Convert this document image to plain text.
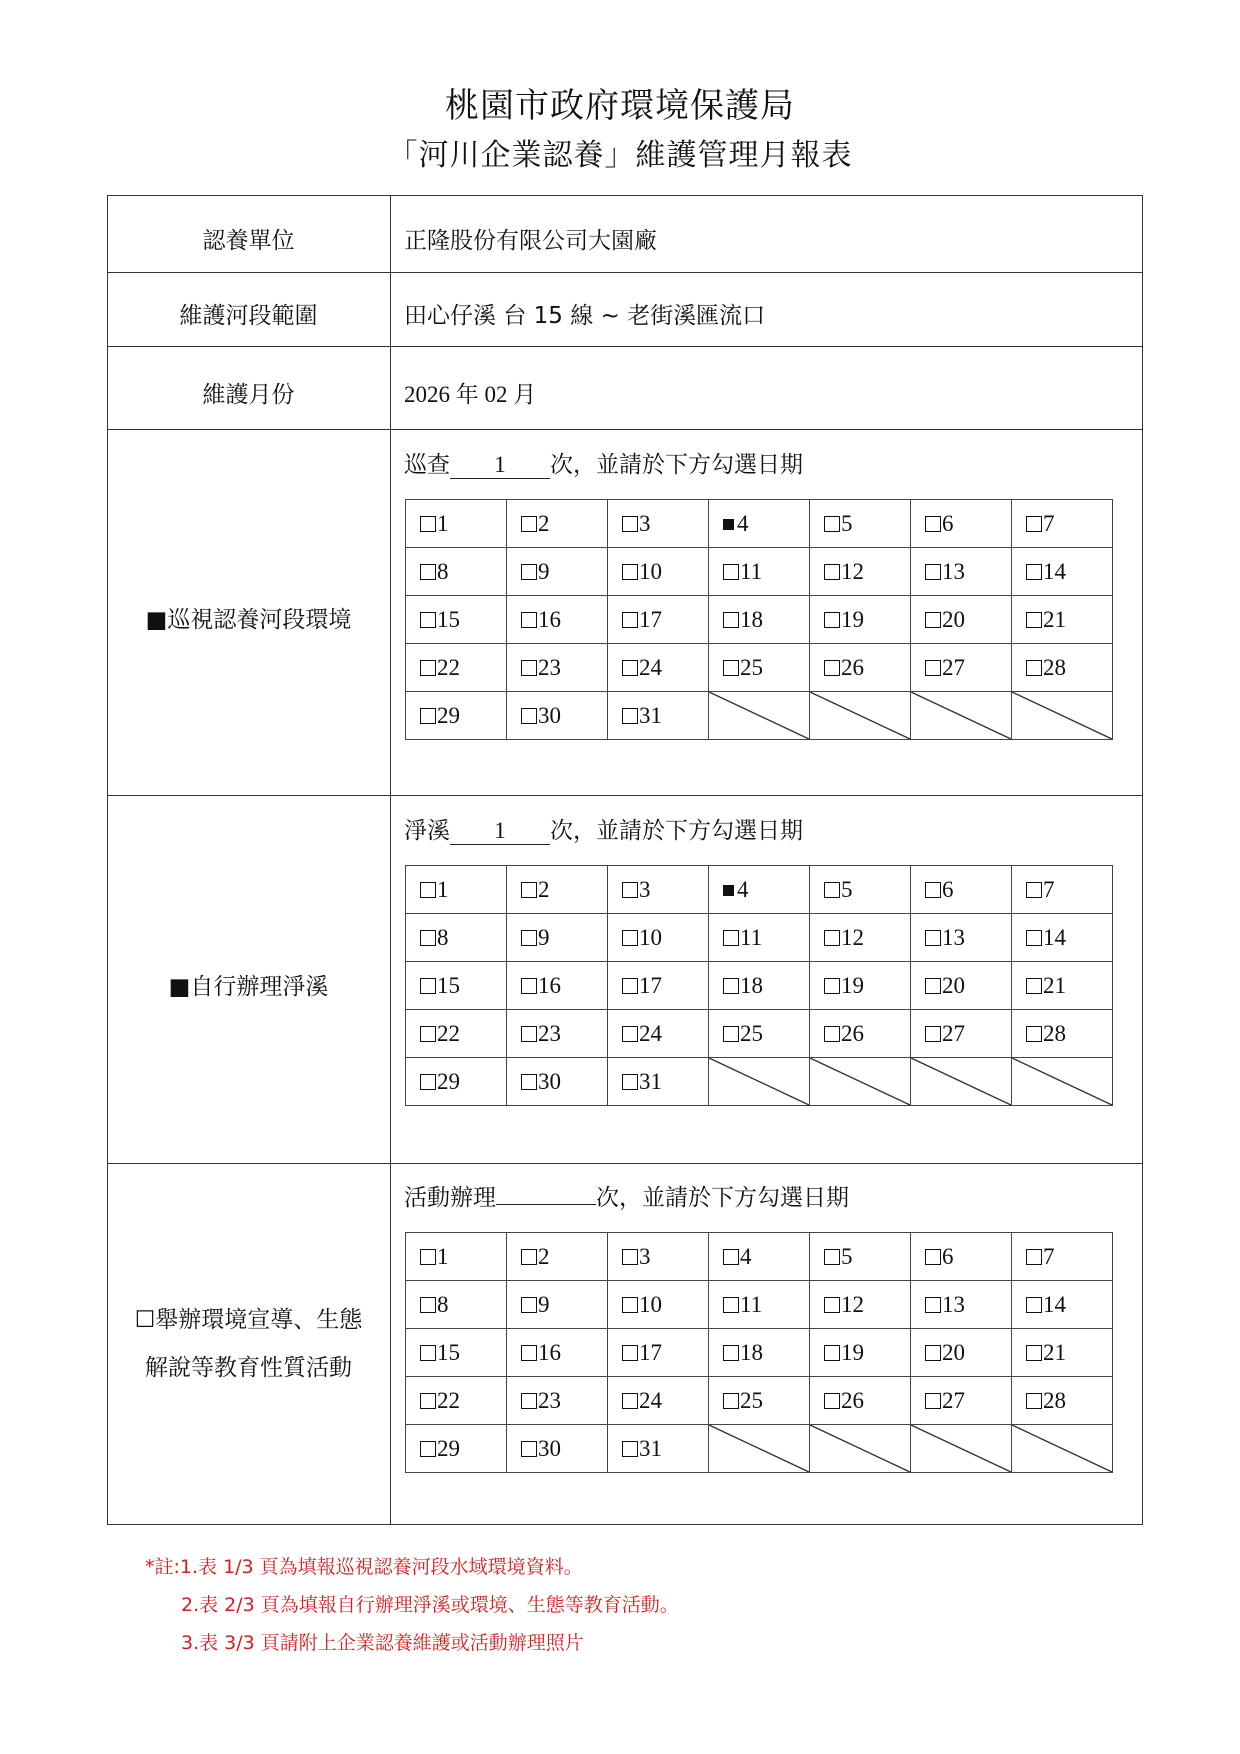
桃園市政府環境保護局
「河川企業認養」維護管理月報表
認養單位	正隆股份有限公司大園廠
維護河段範圍	田心仔溪 台 15 線 ~ 老街溪匯流口
維護月份	2026 年 02 月
■巡視認養河段環境
巡查 1 次，並請於下方勾選日期
1	2	3	4	5	6	7
8	9	10	11	12	13	14
15	16	17	18	19	20	21
22	23	24	25	26	27	28
29	30	31	

■自行辦理淨溪
淨溪 1 次，並請於下方勾選日期
1	2	3	4	5	6	7
8	9	10	11	12	13	14
15	16	17	18	19	20	21
22	23	24	25	26	27	28
29	30	31	

☐舉辦環境宣導、生態
解說等教育性質活動
活動辦理	次，並請於下方勾選日期
1	2	3	4	5	6	7
8	9	10	11	12	13	14
15	16	17	18	19	20	21
22	23	24	25	26	27	28
29	30	31	

*註:1.表 1/3 頁為填報巡視認養河段水域環境資料。
2.表 2/3 頁為填報自行辦理淨溪或環境、生態等教育活動。
3.表 3/3 頁請附上企業認養維護或活動辦理照片
